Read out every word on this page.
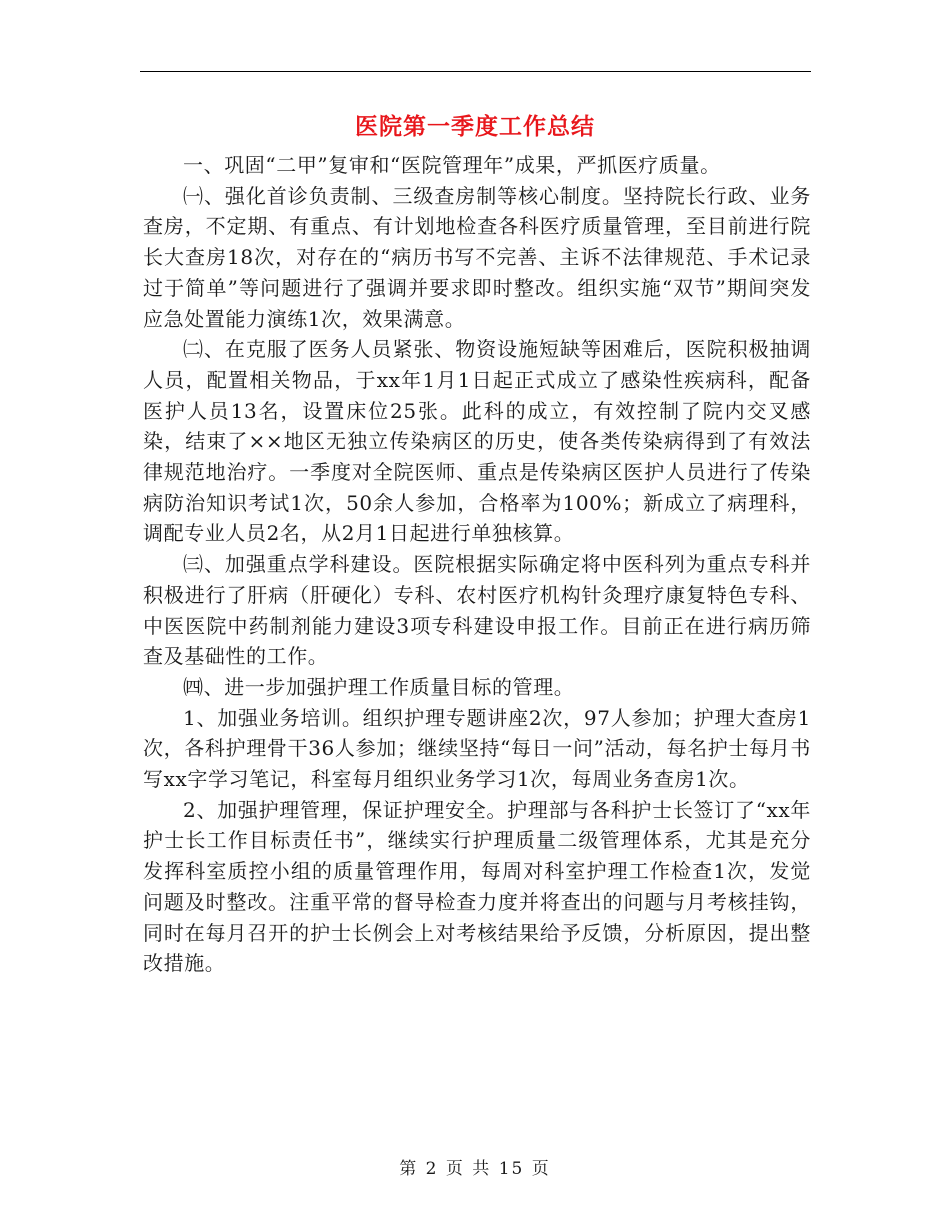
医院第一季度工作总结

一、巩固“二甲”复审和“医院管理年”成果，严抓医疗质量。

㈠、强化首诊负责制、三级查房制等核心制度。坚持院长行政、业务查房，不定期、有重点、有计划地检查各科医疗质量管理，至目前进行院长大查房18次，对存在的“病历书写不完善、主诉不法律规范、手术记录过于简单”等问题进行了强调并要求即时整改。组织实施“双节”期间突发应急处置能力演练1次，效果满意。

㈡、在克服了医务人员紧张、物资设施短缺等困难后，医院积极抽调人员，配置相关物品，于xx年1月1日起正式成立了感染性疾病科，配备医护人员13名，设置床位25张。此科的成立，有效控制了院内交叉感染，结束了××地区无独立传染病区的历史，使各类传染病得到了有效法律规范地治疗。一季度对全院医师、重点是传染病区医护人员进行了传染病防治知识考试1次，50余人参加，合格率为100%；新成立了病理科，调配专业人员2名，从2月1日起进行单独核算。

㈢、加强重点学科建设。医院根据实际确定将中医科列为重点专科并积极进行了肝病（肝硬化）专科、农村医疗机构针灸理疗康复特色专科、中医医院中药制剂能力建设3项专科建设申报工作。目前正在进行病历筛查及基础性的工作。

㈣、进一步加强护理工作质量目标的管理。

1、加强业务培训。组织护理专题讲座2次，97人参加；护理大查房1次，各科护理骨干36人参加；继续坚持“每日一问”活动，每名护士每月书写xx字学习笔记，科室每月组织业务学习1次，每周业务查房1次。

2、加强护理管理，保证护理安全。护理部与各科护士长签订了“xx年护士长工作目标责任书”，继续实行护理质量二级管理体系，尤其是充分发挥科室质控小组的质量管理作用，每周对科室护理工作检查1次，发觉问题及时整改。注重平常的督导检查力度并将查出的问题与月考核挂钩，同时在每月召开的护士长例会上对考核结果给予反馈，分析原因，提出整改措施。

第 2 页 共 15 页
